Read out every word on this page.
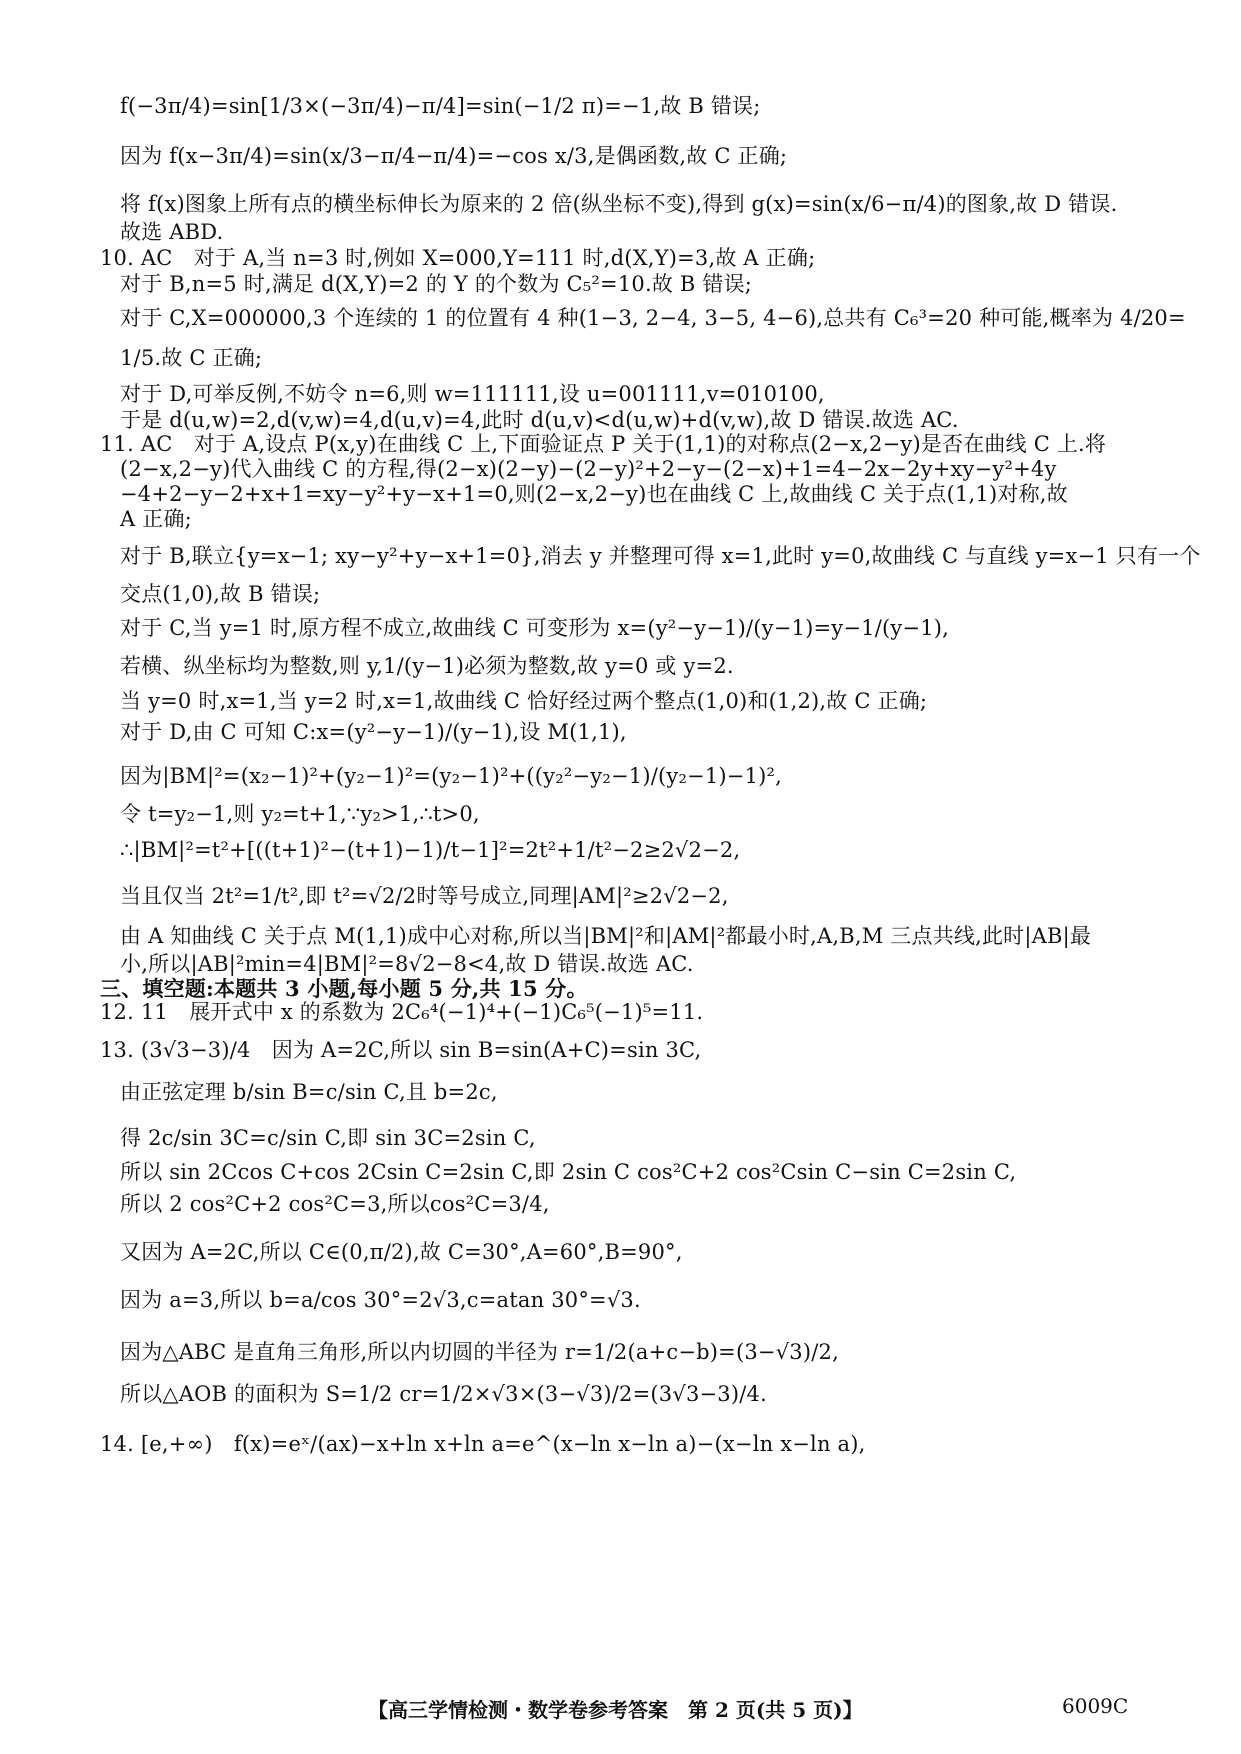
f(−3π/4)=sin[1/3×(−3π/4)−π/4]=sin(−1/2 π)=−1,故 B 错误;
因为 f(x−3π/4)=sin(x/3−π/4−π/4)=−cos x/3,是偶函数,故 C 正确;
将 f(x)图象上所有点的横坐标伸长为原来的 2 倍(纵坐标不变),得到 g(x)=sin(x/6−π/4)的图象,故 D 错误.
故选 ABD.
10. AC　对于 A,当 n=3 时,例如 X=000,Y=111 时,d(X,Y)=3,故 A 正确;
对于 B,n=5 时,满足 d(X,Y)=2 的 Y 的个数为 C₅²=10.故 B 错误;
对于 C,X=000000,3 个连续的 1 的位置有 4 种(1−3, 2−4, 3−5, 4−6),总共有 C₆³=20 种可能,概率为 4/20=
1/5.故 C 正确;
对于 D,可举反例,不妨令 n=6,则 w=111111,设 u=001111,v=010100,
于是 d(u,w)=2,d(v,w)=4,d(u,v)=4,此时 d(u,v)<d(u,w)+d(v,w),故 D 错误.故选 AC.
11. AC　对于 A,设点 P(x,y)在曲线 C 上,下面验证点 P 关于(1,1)的对称点(2−x,2−y)是否在曲线 C 上.将
(2−x,2−y)代入曲线 C 的方程,得(2−x)(2−y)−(2−y)²+2−y−(2−x)+1=4−2x−2y+xy−y²+4y
−4+2−y−2+x+1=xy−y²+y−x+1=0,则(2−x,2−y)也在曲线 C 上,故曲线 C 关于点(1,1)对称,故
A 正确;
对于 B,联立{y=x−1; xy−y²+y−x+1=0},消去 y 并整理可得 x=1,此时 y=0,故曲线 C 与直线 y=x−1 只有一个
交点(1,0),故 B 错误;
对于 C,当 y=1 时,原方程不成立,故曲线 C 可变形为 x=(y²−y−1)/(y−1)=y−1/(y−1),
若横、纵坐标均为整数,则 y,1/(y−1)必须为整数,故 y=0 或 y=2.
当 y=0 时,x=1,当 y=2 时,x=1,故曲线 C 恰好经过两个整点(1,0)和(1,2),故 C 正确;
对于 D,由 C 可知 C:x=(y²−y−1)/(y−1),设 M(1,1),
因为|BM|²=(x₂−1)²+(y₂−1)²=(y₂−1)²+((y₂²−y₂−1)/(y₂−1)−1)²,
令 t=y₂−1,则 y₂=t+1,∵y₂>1,∴t>0,
∴|BM|²=t²+[((t+1)²−(t+1)−1)/t−1]²=2t²+1/t²−2≥2√2−2,
当且仅当 2t²=1/t²,即 t²=√2/2时等号成立,同理|AM|²≥2√2−2,
由 A 知曲线 C 关于点 M(1,1)成中心对称,所以当|BM|²和|AM|²都最小时,A,B,M 三点共线,此时|AB|最
小,所以|AB|²min=4|BM|²=8√2−8<4,故 D 错误.故选 AC.
三、填空题:本题共 3 小题,每小题 5 分,共 15 分。
12. 11　展开式中 x 的系数为 2C₆⁴(−1)⁴+(−1)C₆⁵(−1)⁵=11.
13. (3√3−3)/4　因为 A=2C,所以 sin B=sin(A+C)=sin 3C,
由正弦定理 b/sin B=c/sin C,且 b=2c,
得 2c/sin 3C=c/sin C,即 sin 3C=2sin C,
所以 sin 2Ccos C+cos 2Csin C=2sin C,即 2sin C cos²C+2 cos²Csin C−sin C=2sin C,
所以 2 cos²C+2 cos²C=3,所以cos²C=3/4,
又因为 A=2C,所以 C∈(0,π/2),故 C=30°,A=60°,B=90°,
因为 a=3,所以 b=a/cos 30°=2√3,c=atan 30°=√3.
因为△ABC 是直角三角形,所以内切圆的半径为 r=1/2(a+c−b)=(3−√3)/2,
所以△AOB 的面积为 S=1/2 cr=1/2×√3×(3−√3)/2=(3√3−3)/4.
14. [e,+∞)　f(x)=eˣ/(ax)−x+ln x+ln a=e^(x−ln x−ln a)−(x−ln x−ln a),
【高三学情检测・数学卷参考答案　第 2 页(共 5 页)】	6009C
